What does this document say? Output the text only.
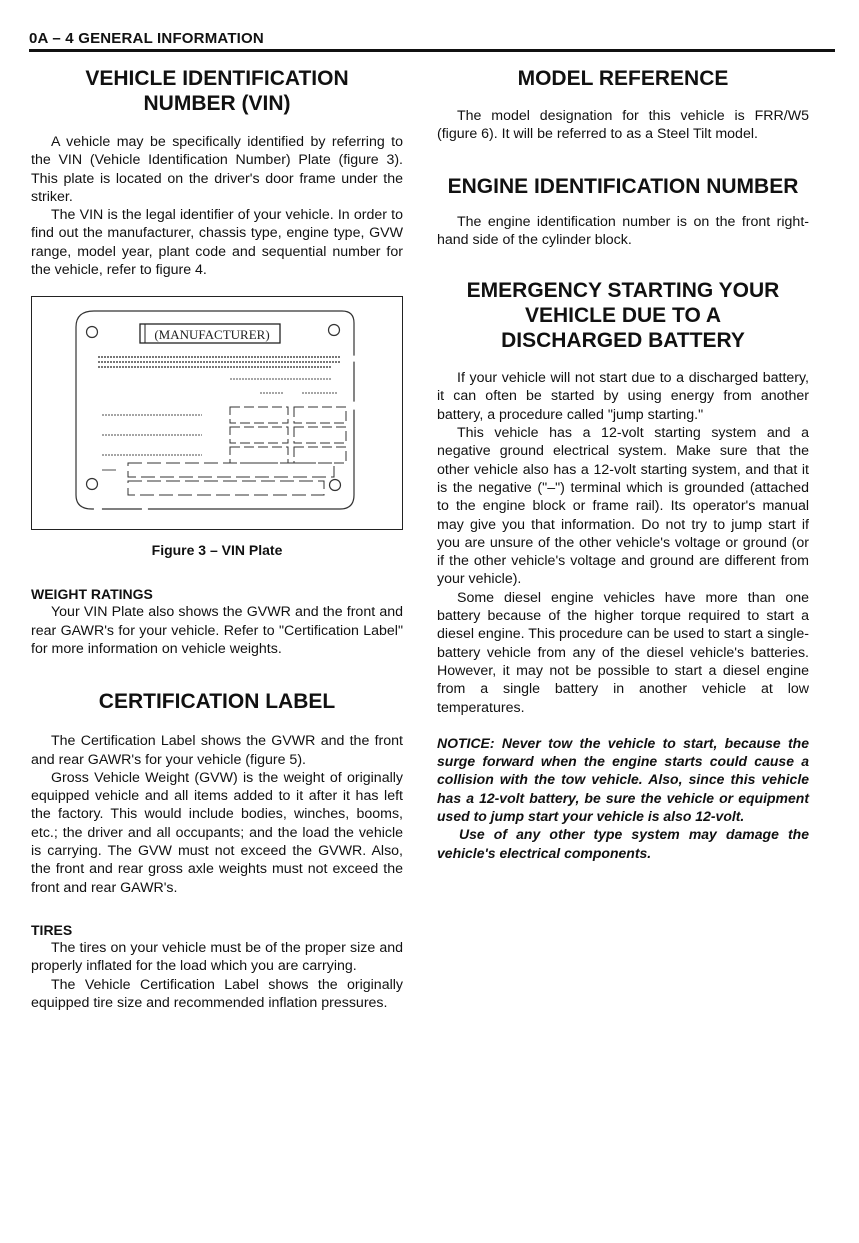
0A – 4 GENERAL INFORMATION
VEHICLE IDENTIFICATION
NUMBER (VIN)

A vehicle may be specifically identified by referring to the VIN (Vehicle Identification Number) Plate (figure 3). This plate is located on the driver's door frame under the striker.

The VIN is the legal identifier of your vehicle. In order to find out the manufacturer, chassis type, engine type, GVW range, model year, plant code and sequential number for the vehicle, refer to figure 4.

(MANUFACTURER)
Figure 3 – VIN Plate
WEIGHT RATINGS

Your VIN Plate also shows the GVWR and the front and rear GAWR's for your vehicle. Refer to "Certification Label" for more information on vehicle weights.

CERTIFICATION LABEL

The Certification Label shows the GVWR and the front and rear GAWR's for your vehicle (figure 5).

Gross Vehicle Weight (GVW) is the weight of originally equipped vehicle and all items added to it after it has left the factory. This would include bodies, winches, booms, etc.; the driver and all occupants; and the load the vehicle is carrying. The GVW must not exceed the GVWR. Also, the front and rear gross axle weights must not exceed the front and rear GAWR's.

TIRES

The tires on your vehicle must be of the proper size and properly inflated for the load which you are carrying.

The Vehicle Certification Label shows the originally equipped tire size and recommended inflation pressures.

MODEL REFERENCE

The model designation for this vehicle is FRR/W5 (figure 6). It will be referred to as a Steel Tilt model.

ENGINE IDENTIFICATION NUMBER

The engine identification number is on the front right-hand side of the cylinder block.

EMERGENCY STARTING YOUR
VEHICLE DUE TO A
DISCHARGED BATTERY

If your vehicle will not start due to a discharged battery, it can often be started by using energy from another battery, a procedure called "jump starting."

This vehicle has a 12-volt starting system and a negative ground electrical system. Make sure that the other vehicle also has a 12-volt starting system, and that it is the negative ("–") terminal which is grounded (attached to the engine block or frame rail). Its operator's manual may give you that information. Do not try to jump start if you are unsure of the other vehicle's voltage or ground (or if the other vehicle's voltage and ground are different from your vehicle).

Some diesel engine vehicles have more than one battery because of the higher torque required to start a diesel engine. This procedure can be used to start a single-battery vehicle from any of the diesel vehicle's batteries. However, it may not be possible to start a diesel engine from a single battery in another vehicle at low temperatures.

NOTICE: Never tow the vehicle to start, because the surge forward when the engine starts could cause a collision with the tow vehicle. Also, since this vehicle has a 12-volt battery, be sure the vehicle or equipment used to jump start your vehicle is also 12-volt.

Use of any other type system may damage the vehicle's electrical components.
